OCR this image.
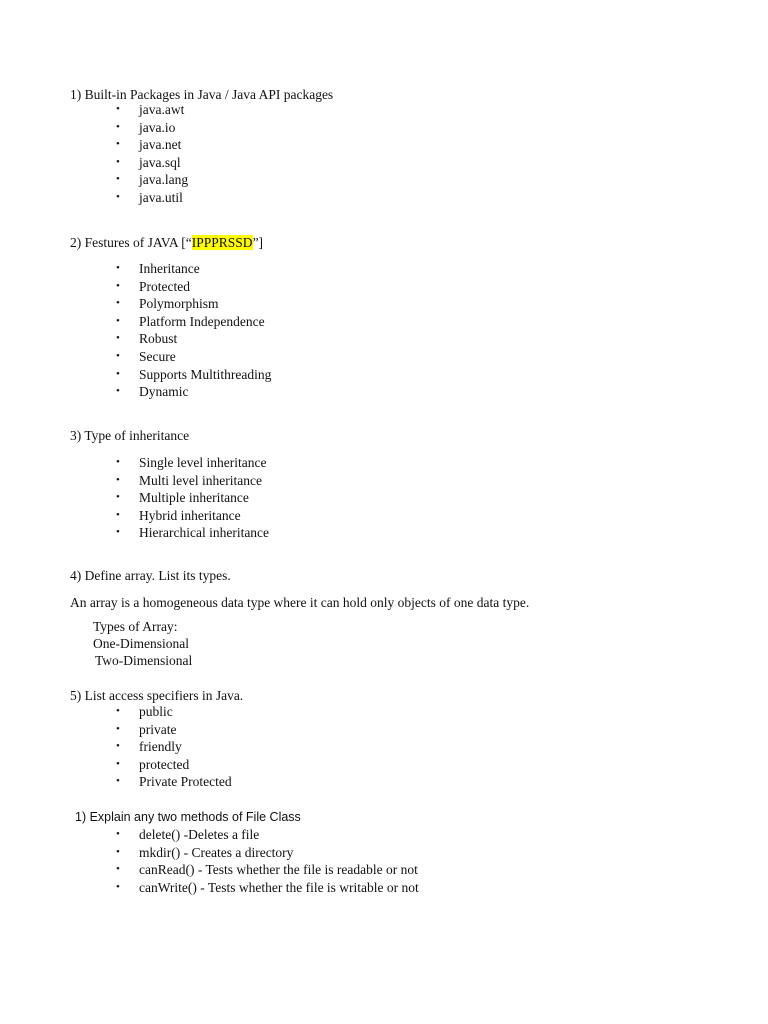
1) Built-in Packages in Java / Java API packages
• java.awt
• java.io
• java.net
• java.sql
• java.lang
• java.util
2) Festures of JAVA [“IPPPRSSD”]
• Inheritance
• Protected
• Polymorphism
• Platform Independence
• Robust
• Secure
• Supports Multithreading
• Dynamic
3) Type of inheritance
• Single level inheritance
• Multi level inheritance
• Multiple inheritance
• Hybrid inheritance
• Hierarchical inheritance
4) Define array. List its types.
An array is a homogeneous data type where it can hold only objects of one data type.
Types of Array:
One-Dimensional
Two-Dimensional
5) List access specifiers in Java.
• public
• private
• friendly
• protected
• Private Protected
1) Explain any two methods of File Class
• delete() -Deletes a file
• mkdir() - Creates a directory
• canRead() - Tests whether the file is readable or not
• canWrite() - Tests whether the file is writable or not
